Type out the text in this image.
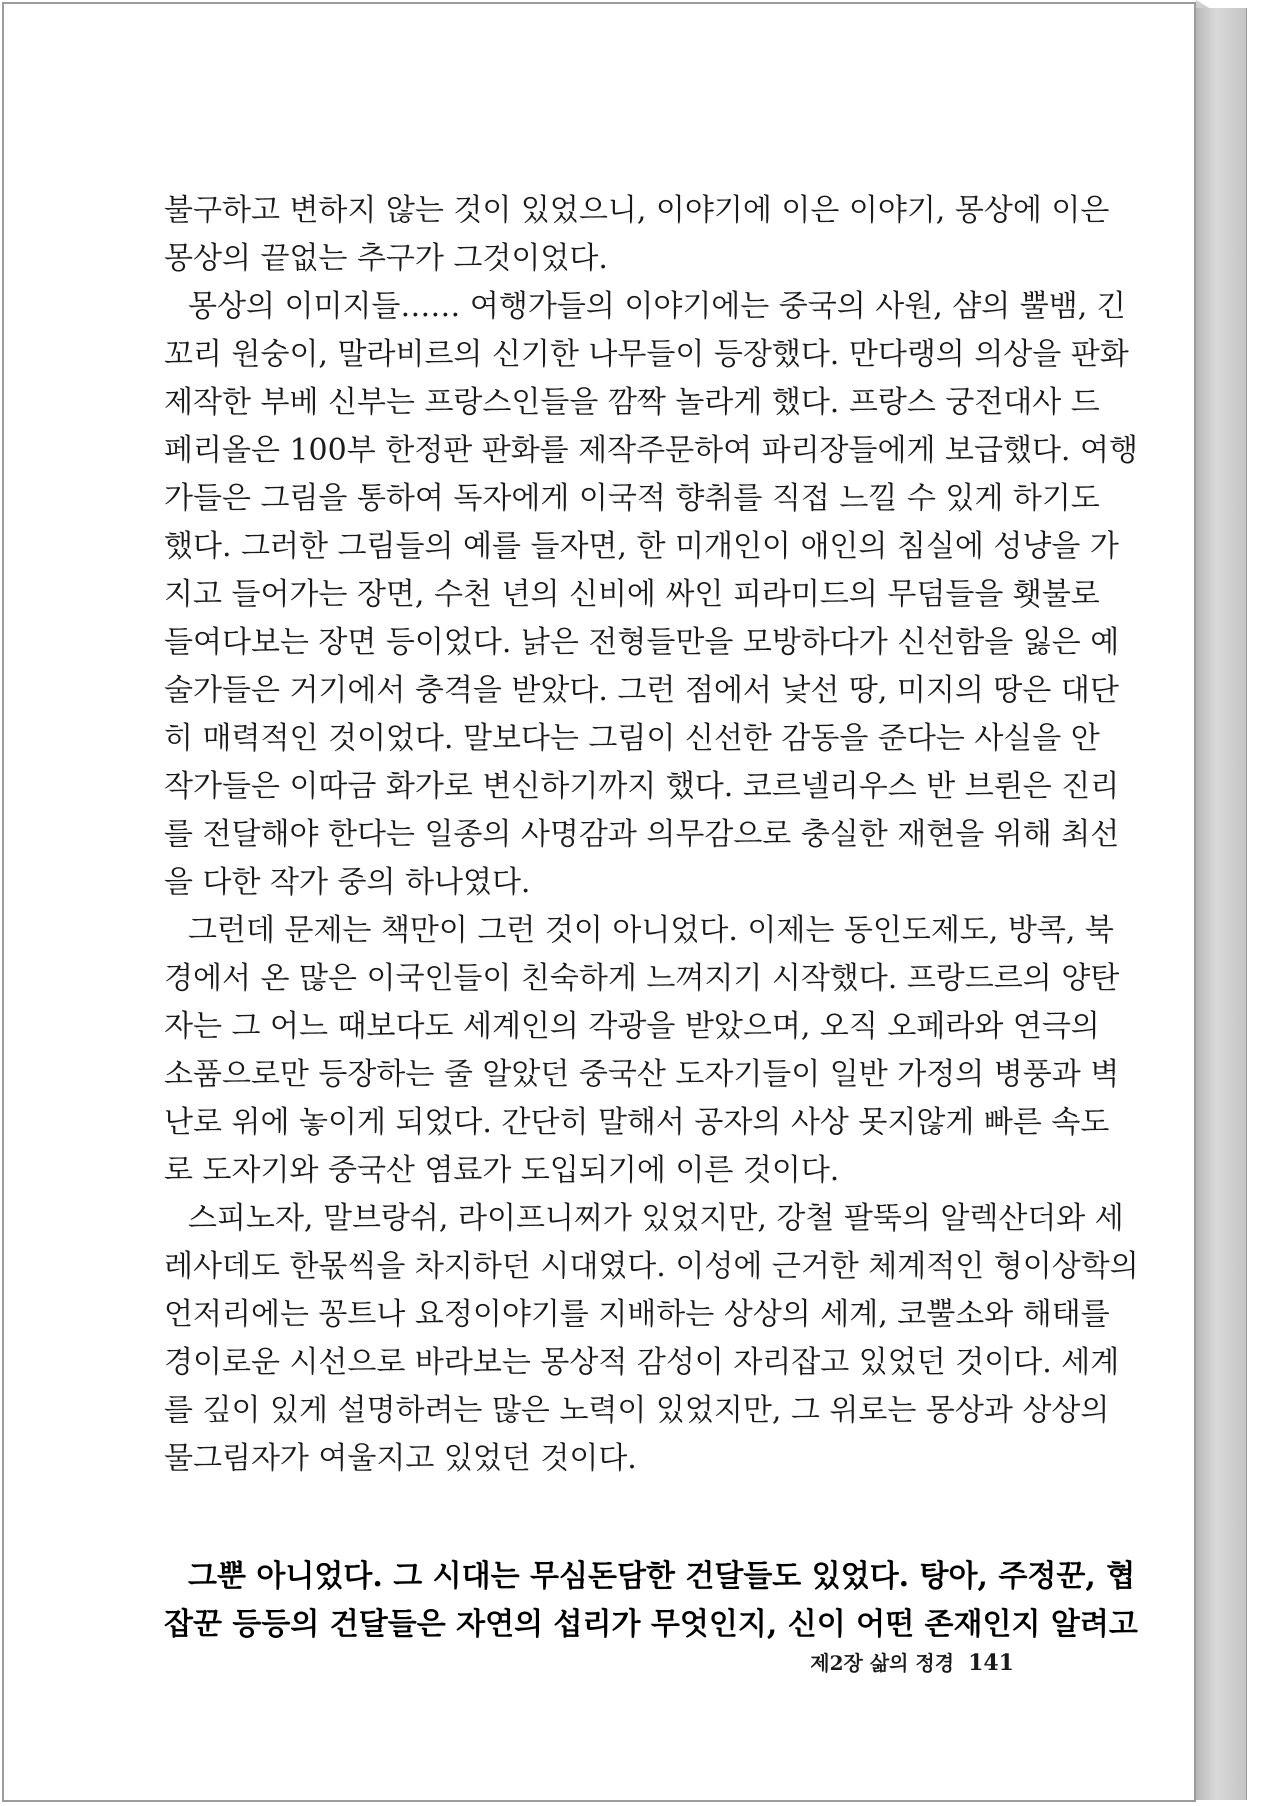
불구하고 변하지 않는 것이 있었으니, 이야기에 이은 이야기, 몽상에 이은
몽상의 끝없는 추구가 그것이었다.
몽상의 이미지들…… 여행가들의 이야기에는 중국의 사원, 샴의 뿔뱀, 긴
꼬리 원숭이, 말라비르의 신기한 나무들이 등장했다. 만다랭의 의상을 판화
제작한 부베 신부는 프랑스인들을 깜짝 놀라게 했다. 프랑스 궁전대사 드
페리올은 100부 한정판 판화를 제작주문하여 파리장들에게 보급했다. 여행
가들은 그림을 통하여 독자에게 이국적 향취를 직접 느낄 수 있게 하기도
했다. 그러한 그림들의 예를 들자면, 한 미개인이 애인의 침실에 성냥을 가
지고 들어가는 장면, 수천 년의 신비에 싸인 피라미드의 무덤들을 횃불로
들여다보는 장면 등이었다. 낡은 전형들만을 모방하다가 신선함을 잃은 예
술가들은 거기에서 충격을 받았다. 그런 점에서 낯선 땅, 미지의 땅은 대단
히 매력적인 것이었다. 말보다는 그림이 신선한 감동을 준다는 사실을 안
작가들은 이따금 화가로 변신하기까지 했다. 코르넬리우스 반 브륀은 진리
를 전달해야 한다는 일종의 사명감과 의무감으로 충실한 재현을 위해 최선
을 다한 작가 중의 하나였다.
그런데 문제는 책만이 그런 것이 아니었다. 이제는 동인도제도, 방콕, 북
경에서 온 많은 이국인들이 친숙하게 느껴지기 시작했다. 프랑드르의 양탄
자는 그 어느 때보다도 세계인의 각광을 받았으며, 오직 오페라와 연극의
소품으로만 등장하는 줄 알았던 중국산 도자기들이 일반 가정의 병풍과 벽
난로 위에 놓이게 되었다. 간단히 말해서 공자의 사상 못지않게 빠른 속도
로 도자기와 중국산 염료가 도입되기에 이른 것이다.
스피노자, 말브랑쉬, 라이프니찌가 있었지만, 강철 팔뚝의 알렉산더와 세
레사데도 한몫씩을 차지하던 시대였다. 이성에 근거한 체계적인 형이상학의
언저리에는 꽁트나 요정이야기를 지배하는 상상의 세계, 코뿔소와 해태를
경이로운 시선으로 바라보는 몽상적 감성이 자리잡고 있었던 것이다. 세계
를 깊이 있게 설명하려는 많은 노력이 있었지만, 그 위로는 몽상과 상상의
물그림자가 여울지고 있었던 것이다.
그뿐 아니었다. 그 시대는 무심돈담한 건달들도 있었다. 탕아, 주정꾼, 협
잡꾼 등등의 건달들은 자연의 섭리가 무엇인지, 신이 어떤 존재인지 알려고
제2장 삶의 정경 141
